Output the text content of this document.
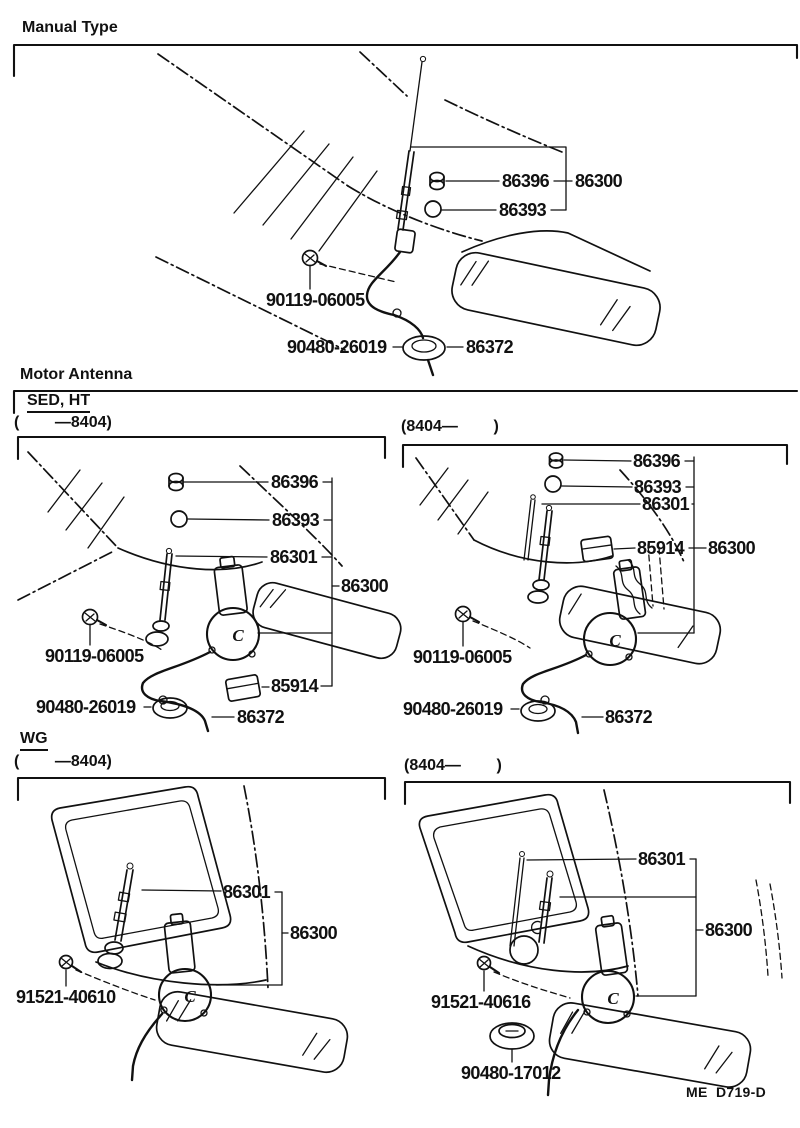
C	C
C	C
Manual Type
Motor Antenna
SED, HT
(        —8404)	(8404—        )
WG
(        —8404)	(8404—        )
86396 86300
86393
90119-06005
90480-26019	86372
86396
86393
86301
86300
90119-06005
85914
90480-26019	86372
86396
86393
86301
85914 86300
90119-06005
90480-26019	86372
86301
86300
91521-40610
86301
86300
91521-40616
90480-17012
ME  D719-D
